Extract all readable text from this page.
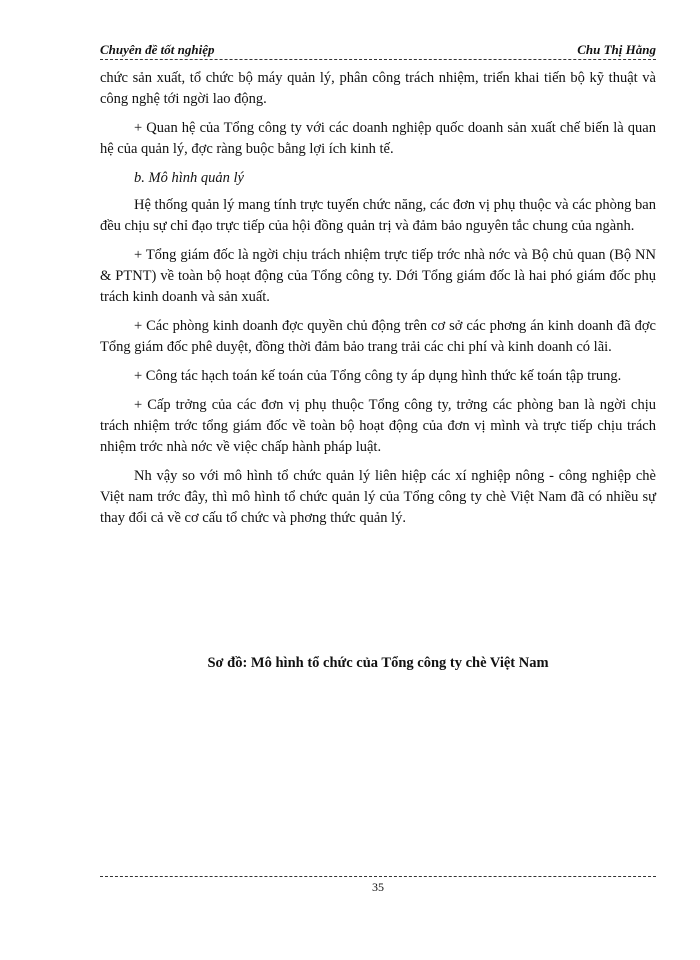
Chuyên đề tốt nghiệp	Chu Thị Hằng

chức sản xuất, tổ chức bộ máy quản lý, phân công trách nhiệm, triển khai tiến bộ kỹ thuật và công nghệ tới ngời lao động.

+ Quan hệ của Tổng công ty với các doanh nghiệp quốc doanh sản xuất chế biến là quan hệ của quản lý, đợc ràng buộc bằng lợi ích kinh tế.

b. Mô hình quản lý

Hệ thống quản lý mang tính trực tuyến chức năng, các đơn vị phụ thuộc và các phòng ban đều chịu sự chỉ đạo trực tiếp của hội đồng quản trị và đảm bảo nguyên tắc chung của ngành.

+ Tổng giám đốc là ngời chịu trách nhiệm trực tiếp trớc nhà nớc và Bộ chủ quan (Bộ NN & PTNT) về toàn bộ hoạt động của Tổng công ty. Dới Tổng giám đốc là hai phó giám đốc phụ trách kinh doanh và sản xuất.

+ Các phòng kinh doanh đợc quyền chủ động trên cơ sở các phơng án kinh doanh đã đợc Tổng giám đốc phê duyệt, đồng thời đảm bảo trang trải các chi phí và kinh doanh có lãi.

+ Công tác hạch toán kế toán của Tổng công ty áp dụng hình thức kế toán tập trung.

+ Cấp trởng của các đơn vị phụ thuộc Tổng công ty, trởng các phòng ban là ngời chịu trách nhiệm trớc tổng giám đốc về toàn bộ hoạt động của đơn vị mình và trực tiếp chịu trách nhiệm trớc nhà nớc về việc chấp hành pháp luật.

Nh vậy so với mô hình tổ chức quản lý liên hiệp các xí nghiệp nông - công nghiệp chè Việt nam trớc đây, thì mô hình tổ chức quản lý của Tổng công ty chè Việt Nam đã có nhiều sự thay đổi cả về cơ cấu tổ chức và phơng thức quản lý.

Sơ đồ: Mô hình tổ chức của Tổng công ty chè Việt Nam
35
